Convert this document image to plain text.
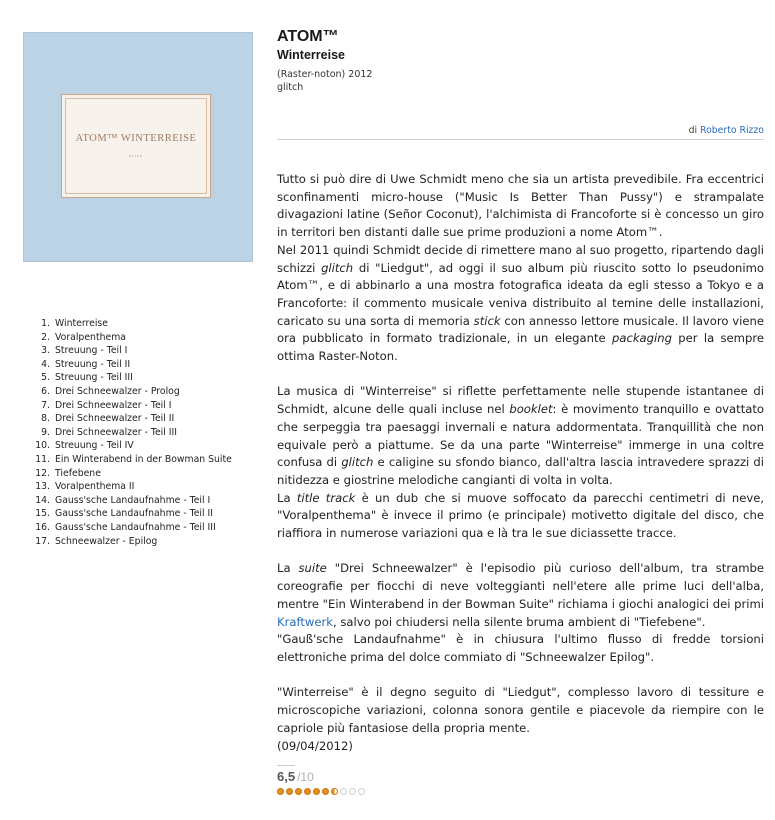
ATOM™ WINTERREISE
noton
1. Winterreise
2. Voralpenthema
3. Streuung - Teil I
4. Streuung - Teil II
5. Streuung - Teil III
6. Drei Schneewalzer - Prolog
7. Drei Schneewalzer - Teil I
8. Drei Schneewalzer - Teil II
9. Drei Schneewalzer - Teil III
10. Streuung - Teil IV
11. Ein Winterabend in der Bowman Suite
12. Tiefebene
13. Voralpenthema II
14. Gauss'sche Landaufnahme - Teil I
15. Gauss'sche Landaufnahme - Teil II
16. Gauss'sche Landaufnahme - Teil III
17. Schneewalzer - Epilog
ATOM™
Winterreise
(Raster-noton) 2012
glitch
di Roberto Rizzo

Tutto si può dire di Uwe Schmidt meno che sia un artista prevedibile. Fra eccentrici sconfinamenti micro-house ("Music Is Better Than Pussy") e strampalate divagazioni latine (Señor Coconut), l'alchimista di Francoforte si è concesso un giro in territori ben distanti dalle sue prime produzioni a nome Atom™.
Nel 2011 quindi Schmidt decide di rimettere mano al suo progetto, ripartendo dagli schizzi glitch di "Liedgut", ad oggi il suo album più riuscito sotto lo pseudonimo Atom™, e di abbinarlo a una mostra fotografica ideata da egli stesso a Tokyo e a Francoforte: il commento musicale veniva distribuito al temine delle installazioni, caricato su una sorta di memoria stick con annesso lettore musicale. Il lavoro viene ora pubblicato in formato tradizionale, in un elegante packaging per la sempre ottima Raster-Noton.

La musica di "Winterreise" si riflette perfettamente nelle stupende istantanee di Schmidt, alcune delle quali incluse nel booklet: è movimento tranquillo e ovattato che serpeggia tra paesaggi invernali e natura addormentata. Tranquillità che non equivale però a piattume. Se da una parte "Winterreise" immerge in una coltre confusa di glitch e caligine su sfondo bianco, dall'altra lascia intravedere sprazzi di nitidezza e giostrine melodiche cangianti di volta in volta.
La title track è un dub che si muove soffocato da parecchi centimetri di neve, "Voralpenthema" è invece il primo (e principale) motivetto digitale del disco, che riaffiora in numerose variazioni qua e là tra le sue diciassette tracce.

La suite "Drei Schneewalzer" è l'episodio più curioso dell'album, tra strambe coreografie per fiocchi di neve volteggianti nell'etere alle prime luci dell'alba, mentre "Ein Winterabend in der Bowman Suite" richiama i giochi analogici dei primi Kraftwerk, salvo poi chiudersi nella silente bruma ambient di "Tiefebene".
"Gauß'sche Landaufnahme" è in chiusura l'ultimo flusso di fredde torsioni elettroniche prima del dolce commiato di "Schneewalzer Epilog".

"Winterreise" è il degno seguito di "Liedgut", complesso lavoro di tessiture e microscopiche variazioni, colonna sonora gentile e piacevole da riempire con le capriole più fantasiose della propria mente.

(09/04/2012)
6,5 /10
